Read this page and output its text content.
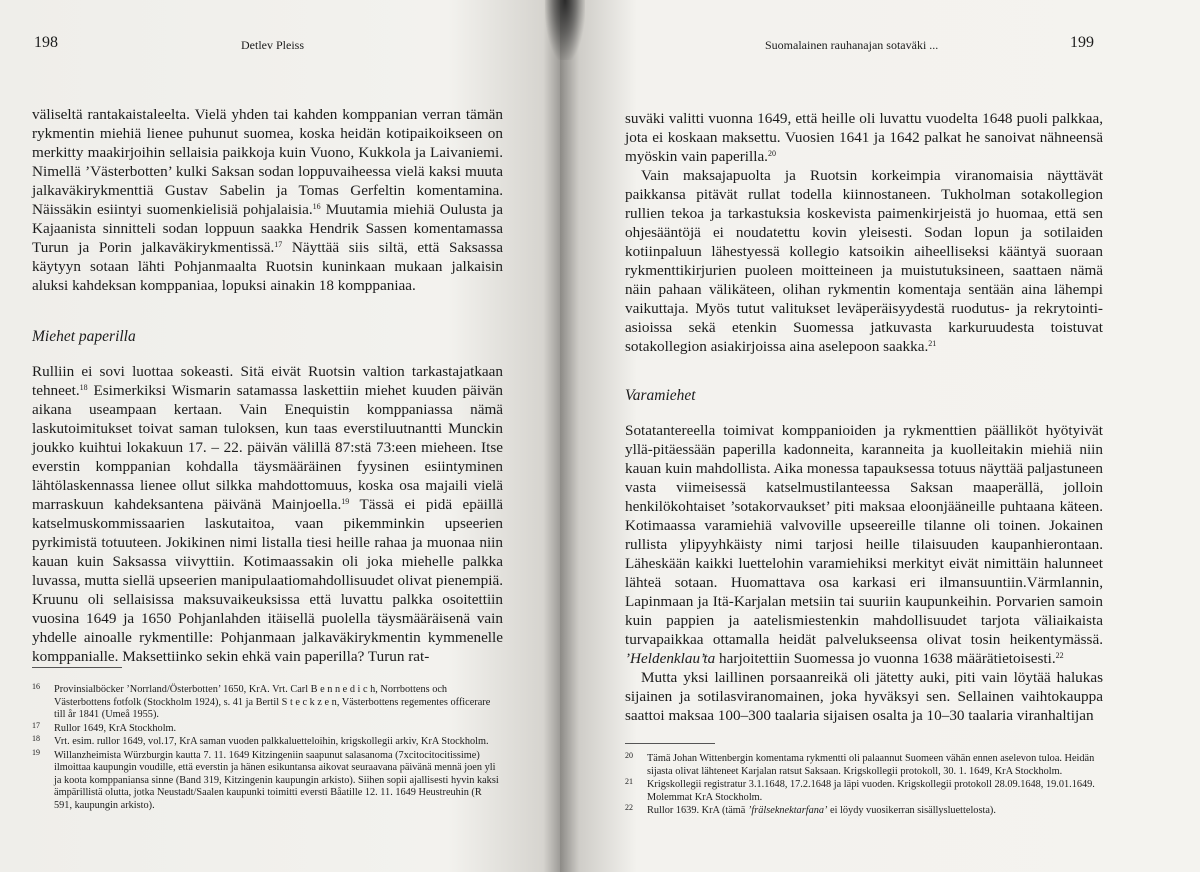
198	Detlev Pleiss

väliseltä rantakaistaleelta. Vielä yhden tai kahden komppanian verran tämän rykmentin miehiä lienee puhunut suomea, koska heidän kotipaikoikseen on merkitty maakirjoihin sellaisia paikkoja kuin Vuono, Kukkola ja Laivaniemi. Nimellä ’Västerbotten’ kulki Saksan sodan loppuvaiheessa vielä kaksi muuta jalkaväkirykmenttiä Gustav Sabelin ja Tomas Gerfeltin komentamina. Näissäkin esiintyi suomenkielisiä pohjalaisia.$^{16}$ Muutamia miehiä Oulusta ja Kajaanista sinnitteli sodan loppuun saakka Hendrik Sassen komentamassa Turun ja Porin jalkaväkirykmentissä.$^{17}$ Näyttää siis siltä, että Saksassa käytyyn sotaan lähti Pohjanmaalta Ruotsin kuninkaan mukaan jalkaisin aluksi kahdeksan komppaniaa, lopuksi ainakin 18 komppaniaa.

Miehet paperilla

Rulliin ei sovi luottaa sokeasti. Sitä eivät Ruotsin valtion tarkastajatkaan tehneet.$^{18}$ Esimerkiksi Wismarin satamassa laskettiin miehet kuuden päivän aikana useampaan kertaan. Vain Enequistin komppaniassa nämä laskutoimitukset toivat saman tuloksen, kun taas everstiluutnantti Munckin joukko kuihtui lokakuun 17. – 22. päivän välillä 87:stä 73:een mieheen. Itse everstin komppanian kohdalla täysmääräinen fyysinen esiintyminen lähtölaskennassa lienee ollut silkka mahdottomuus, koska osa majaili vielä marraskuun kahdeksantena päivänä Mainjoella.$^{19}$ Tässä ei pidä epäillä katselmuskommissaarien laskutaitoa, vaan pikemminkin upseerien pyrkimistä totuuteen. Jokikinen nimi listalla tiesi heille rahaa ja muonaa niin kauan kuin Saksassa viivyttiin. Kotimaassakin oli joka miehelle palkka luvassa, mutta siellä upseerien manipulaatiomahdollisuudet olivat pienempiä. Kruunu oli sellaisissa maksuvaikeuksissa että luvattu palkka osoitettiin vuosina 1649 ja 1650 Pohjanlahden itäisellä puolella täysmääräisenä vain yhdelle ainoalle rykmentille: Pohjanmaan jalkaväkirykmentin kymmenelle komppanialle. Maksettiinko sekin ehkä vain paperilla? Turun rat-

16 Provinsialböcker ’Norrland/Österbotten’ 1650, KrA. Vrt. Carl B e n n e d i c h, Norrbottens och Västerbottens fotfolk (Stockholm 1924), s. 41 ja Bertil S t e c k z e n, Västerbottens regementes officerare till år 1841 (Umeå 1955).
17 Rullor 1649, KrA Stockholm.
18 Vrt. esim. rullor 1649, vol.17, KrA saman vuoden palkkaluetteloihin, krigskollegii arkiv, KrA Stockholm.
19 Willanzheimista Würzburgin kautta 7. 11. 1649 Kitzingeniin saapunut salasanoma (7xcitocitocitissime) ilmoittaa kaupungin voudille, että everstin ja hänen esikuntansa aikovat seuraavana päivänä mennä joen yli ja koota komppaniansa sinne (Band 319, Kitzingenin kaupungin arkisto). Siihen sopii ajallisesti hyvin kaksi ämpärillistä olutta, jotka Neustadt/Saalen kaupunki toimitti eversti Båatille 12. 11. 1649 Heustreuhin (R 591, kaupungin arkisto).
Suomalainen rauhanajan sotaväki ...	199

suväki valitti vuonna 1649, että heille oli luvattu vuodelta 1648 puoli palkkaa, jota ei koskaan maksettu. Vuosien 1641 ja 1642 palkat he sanoivat nähneensä myöskin vain paperilla.$^{20}$

Vain maksajapuolta ja Ruotsin korkeimpia viranomaisia näyttävät paikkansa pitävät rullat todella kiinnostaneen. Tukholman sotakollegion rullien tekoa ja tarkastuksia koskevista paimenkirjeistä jo huomaa, että sen ohjesääntöjä ei noudatettu kovin yleisesti. Sodan lopun ja sotilaiden kotiinpaluun lähestyessä kollegio katsoikin aiheelliseksi kääntyä suoraan rykmenttikirjurien puoleen moitteineen ja muistutuksineen, saattaen nämä näin pahaan välikäteen, olihan rykmentin komentaja sentään aina lähempi vaikuttaja. Myös tutut valitukset leväperäisyydestä ruodutus- ja rekrytointi-asioissa sekä etenkin Suomessa jatkuvasta karkuruudesta toistuvat sotakollegion asiakirjoissa aina aselepoon saakka.$^{21}$

Varamiehet

Sotatantereella toimivat komppanioiden ja rykmenttien päälliköt hyötyivät yllä-pitäessään paperilla kadonneita, karanneita ja kuolleitakin miehiä niin kauan kuin mahdollista. Aika monessa tapauksessa totuus näyttää paljastuneen vasta viimeisessä katselmustilanteessa Saksan maaperällä, jolloin henkilökohtaiset ’sotakorvaukset’ piti maksaa eloonjääneille puhtaana käteen. Kotimaassa varamiehiä valvoville upseereille tilanne oli toinen. Jokainen rullista ylipyyhkäisty nimi tarjosi heille tilaisuuden kaupanhierontaan. Läheskään kaikki luettelohin varamiehiksi merkityt eivät nimittäin halunneet lähteä sotaan. Huomattava osa karkasi eri ilmansuuntiin.Värmlannin, Lapinmaan ja Itä-Karjalan metsiin tai suuriin kaupunkeihin. Porvarien samoin kuin pappien ja aatelismiestenkin mahdollisuudet tarjota väliaikaista turvapaikkaa ottamalla heidät palvelukseensa olivat tosin heikentymässä. ’Heldenklau’ta harjoitettiin Suomessa jo vuonna 1638 määrätietoisesti.$^{22}$

Mutta yksi laillinen porsaanreikä oli jätetty auki, piti vain löytää halukas sijainen ja sotilasviranomainen, joka hyväksyi sen. Sellainen vaihtokauppa saattoi maksaa 100–300 taalaria sijaisen osalta ja 10–30 taalaria viranhaltijan

20 Tämä Johan Wittenbergin komentama rykmentti oli palaannut Suomeen vähän ennen aselevon tuloa. Heidän sijasta olivat lähteneet Karjalan ratsut Saksaan. Krigskollegii protokoll, 30. 1. 1649, KrA Stockholm.
21 Krigskollegii registratur 3.1.1648, 17.2.1648 ja läpi vuoden. Krigskollegii protokoll 28.09.1648, 19.01.1649. Molemmat KrA Stockholm.
22 Rullor 1639. KrA (tämä ’frälseknektarfana’ ei löydy vuosikerran sisällysluettelosta).
